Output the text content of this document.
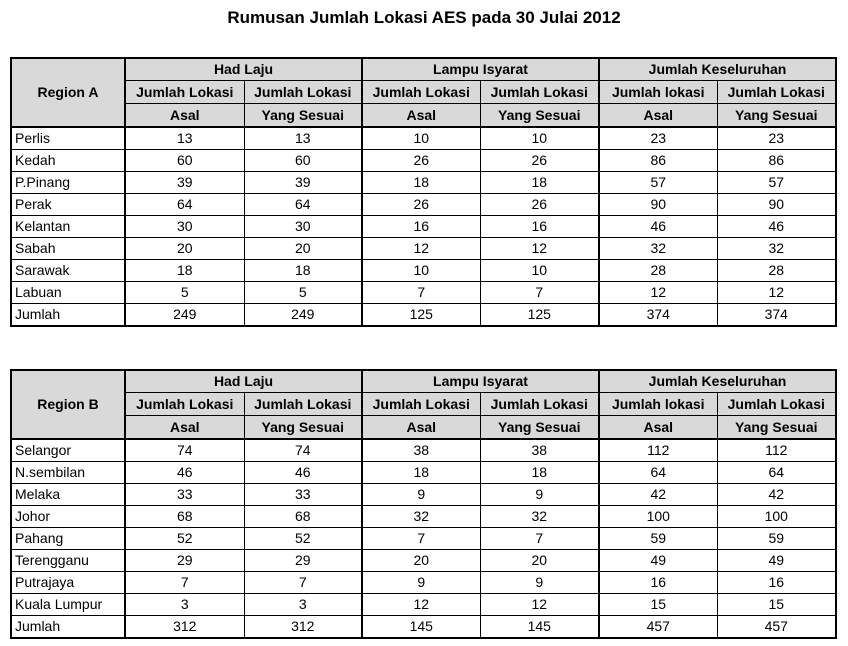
Rumusan Jumlah Lokasi AES pada 30 Julai 2012
Region A	Had Laju		Lampu Isyarat		Jumlah Keseluruhan	
	Jumlah Lokasi	Jumlah Lokasi	Jumlah Lokasi	Jumlah Lokasi	Jumlah lokasi	Jumlah Lokasi
	Asal	Yang Sesuai	Asal	Yang Sesuai	Asal	Yang Sesuai
Perlis	13	13	10	10	23	23
Kedah	60	60	26	26	86	86
P.Pinang	39	39	18	18	57	57
Perak	64	64	26	26	90	90
Kelantan	30	30	16	16	46	46
Sabah	20	20	12	12	32	32
Sarawak	18	18	10	10	28	28
Labuan	5	5	7	7	12	12
Jumlah	249	249	125	125	374	374
Region B	Had Laju		Lampu Isyarat		Jumlah Keseluruhan	
	Jumlah Lokasi	Jumlah Lokasi	Jumlah Lokasi	Jumlah Lokasi	Jumlah lokasi	Jumlah Lokasi
	Asal	Yang Sesuai	Asal	Yang Sesuai	Asal	Yang Sesuai
Selangor	74	74	38	38	112	112
N.sembilan	46	46	18	18	64	64
Melaka	33	33	9	9	42	42
Johor	68	68	32	32	100	100
Pahang	52	52	7	7	59	59
Terengganu	29	29	20	20	49	49
Putrajaya	7	7	9	9	16	16
Kuala Lumpur	3	3	12	12	15	15
Jumlah	312	312	145	145	457	457
